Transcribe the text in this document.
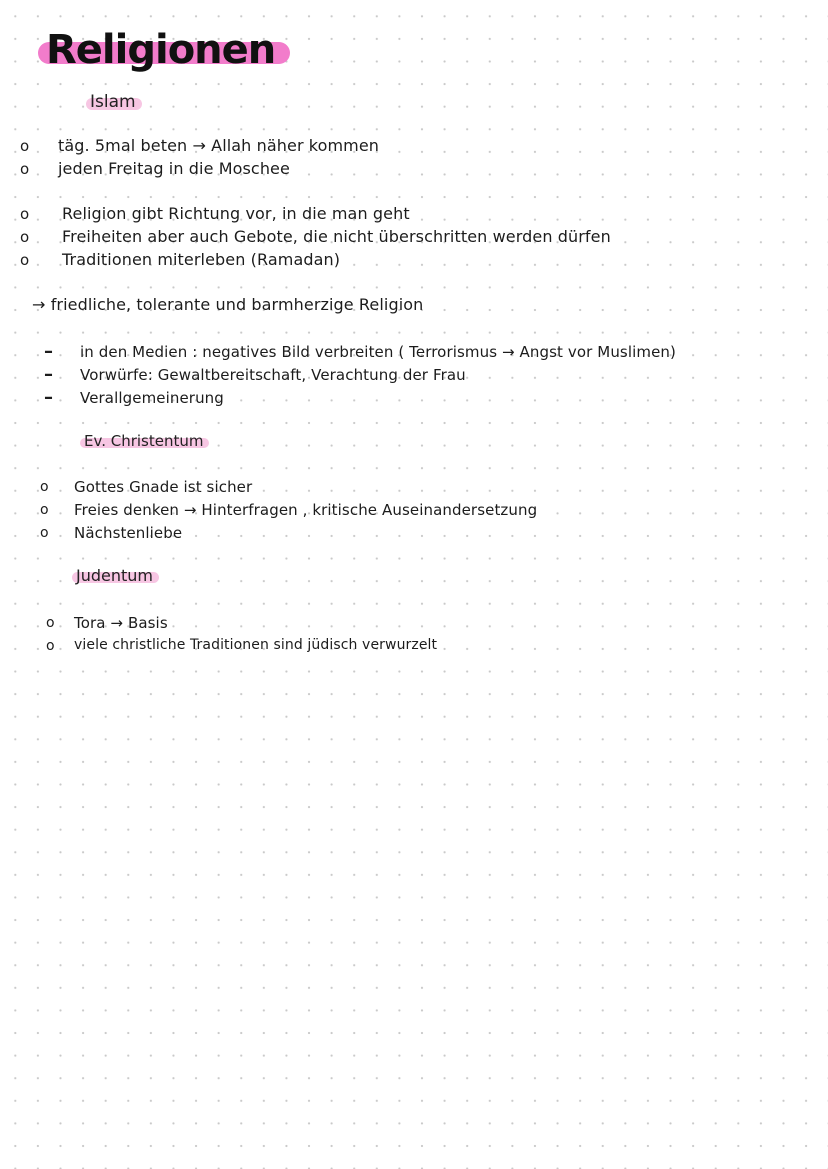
Religionen
Islam
o täg. 5mal beten → Allah näher kommen
o jeden Freitag in die Moschee
o Religion gibt Richtung vor, in die man geht
o Freiheiten aber auch Gebote, die nicht überschritten werden dürfen
o Traditionen miterleben (Ramadan)
→ friedliche, tolerante und barmherzige Religion
– in den Medien : negatives Bild verbreiten ( Terrorismus → Angst vor Muslimen)
– Vorwürfe: Gewaltbereitschaft, Verachtung der Frau
– Verallgemeinerung
Ev. Christentum
o Gottes Gnade ist sicher
o Freies denken → Hinterfragen , kritische Auseinandersetzung
o Nächstenliebe
Judentum
o Tora → Basis
o viele christliche Traditionen sind jüdisch verwurzelt
